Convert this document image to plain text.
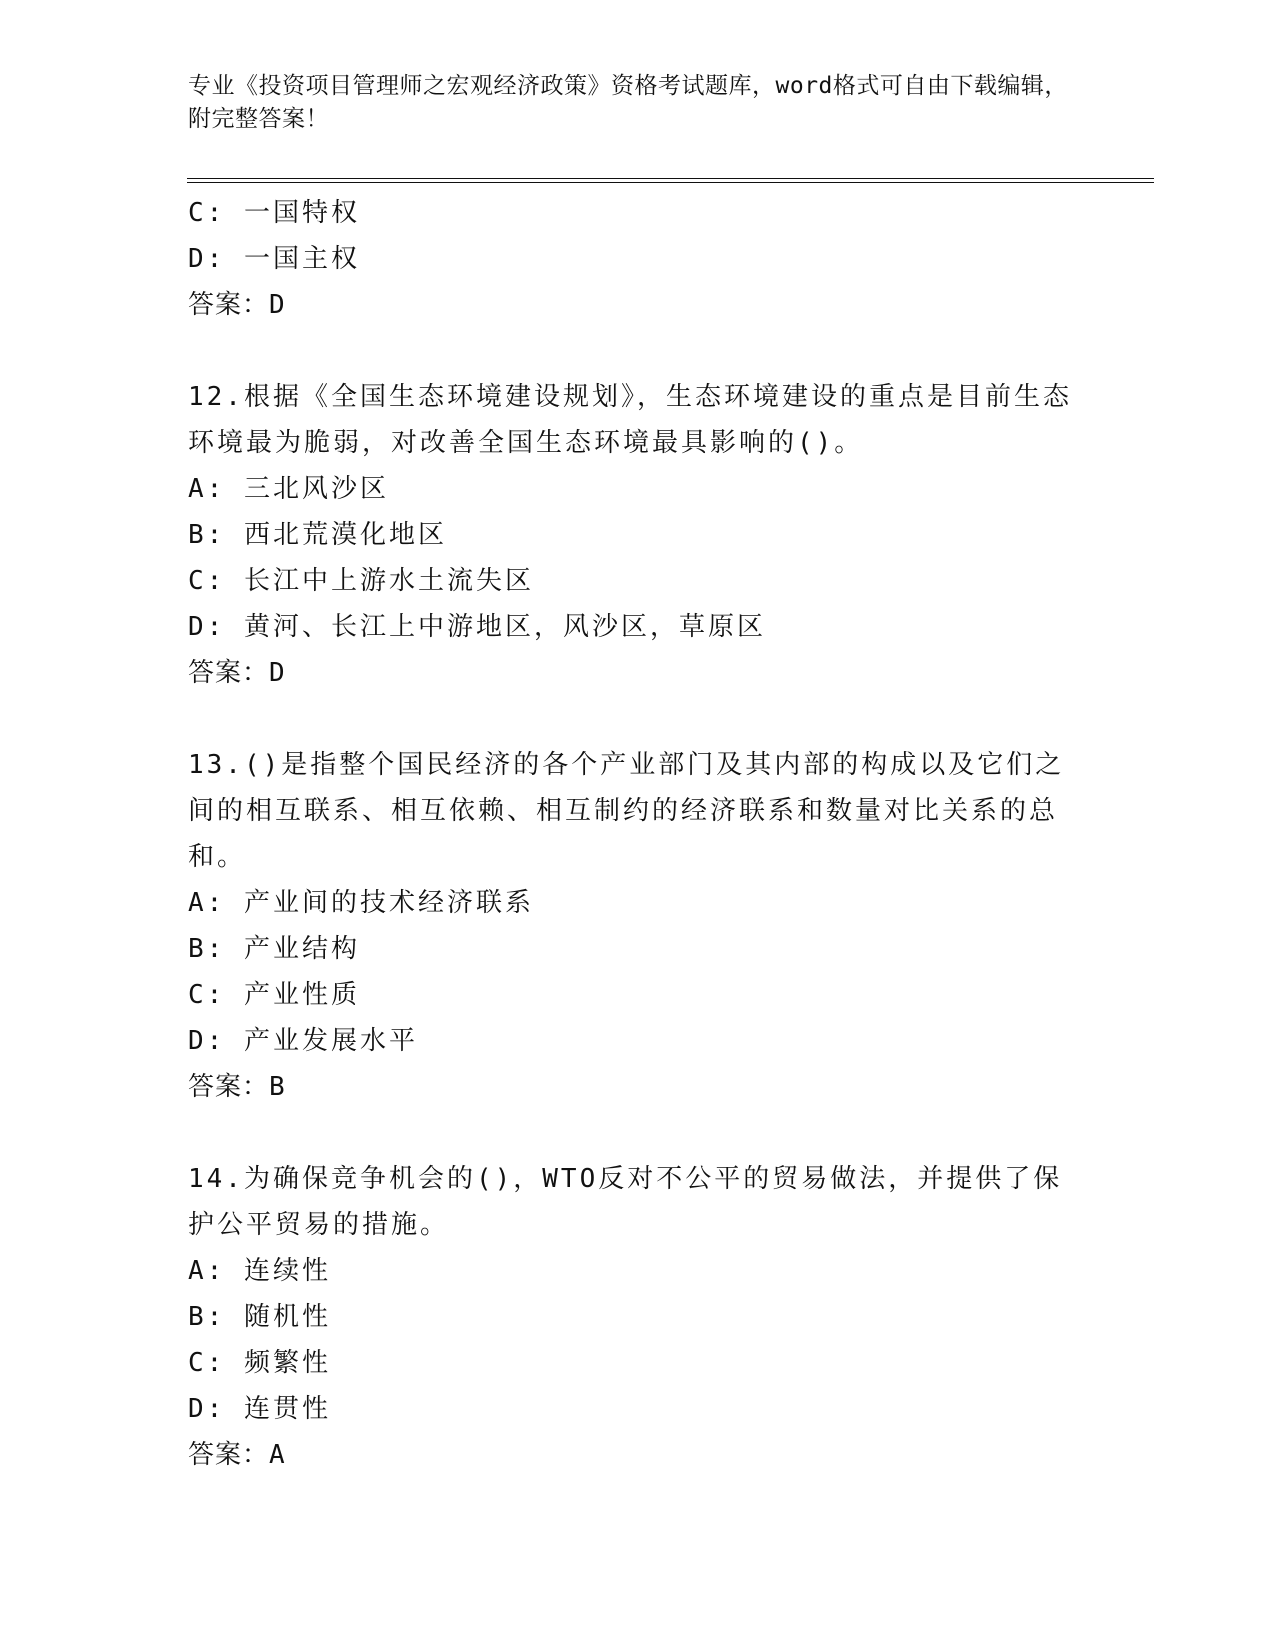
专业《投资项目管理师之宏观经济政策》资格考试题库，word格式可自由下载编辑，附完整答案！
C: 一国特权
D: 一国主权
答案：D
12.根据《全国生态环境建设规划》，生态环境建设的重点是目前生态环境最为脆弱，对改善全国生态环境最具影响的()。
A: 三北风沙区
B: 西北荒漠化地区
C: 长江中上游水土流失区
D: 黄河、长江上中游地区，风沙区，草原区
答案：D
13.()是指整个国民经济的各个产业部门及其内部的构成以及它们之间的相互联系、相互依赖、相互制约的经济联系和数量对比关系的总和。
A: 产业间的技术经济联系
B: 产业结构
C: 产业性质
D: 产业发展水平
答案：B
14.为确保竞争机会的()，WTO反对不公平的贸易做法，并提供了保护公平贸易的措施。
A: 连续性
B: 随机性
C: 频繁性
D: 连贯性
答案：A
